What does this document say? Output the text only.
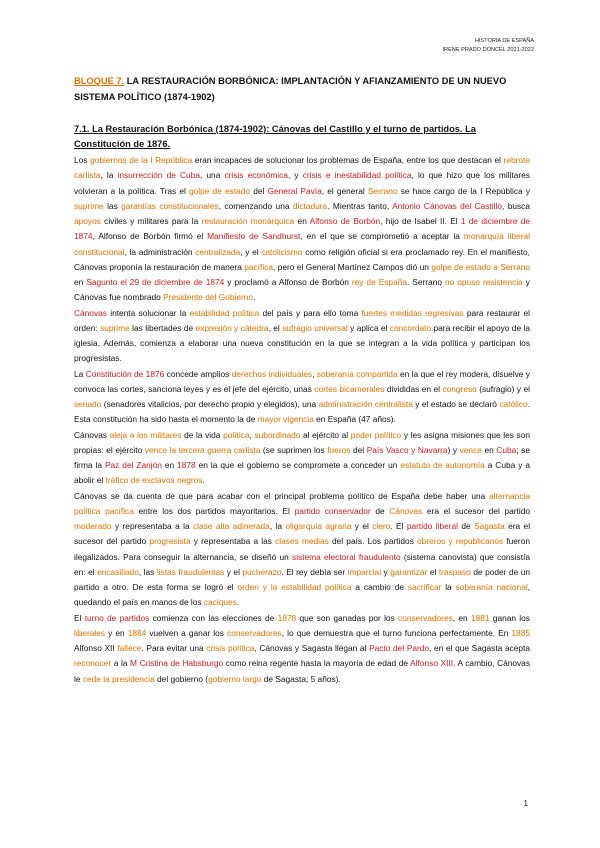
HISTORIA DE ESPAÑA
IRENE PRADO DONCEL 2021-2022
BLOQUE 7. LA RESTAURACIÓN BORBÓNICA: IMPLANTACIÓN Y AFIANZAMIENTO DE UN NUEVO SISTEMA POLÍTICO (1874-1902)
7.1. La Restauración Borbónica (1874-1902): Cánovas del Castillo y el turno de partidos. La Constitución de 1876.

Los gobiernos de la I República eran incapaces de solucionar los problemas de España, entre los que destacan el rebrote carlista, la insurrección de Cuba, una crisis económica, y crisis e inestabilidad política, lo que hizo que los militares volvieran a la política. Tras el golpe de estado del General Pavía, el general Serrano se hace cargo de la I República y suprime las garantías constitucionales, comenzando una dictadura. Mientras tanto, Antonio Cánovas del Castillo, busca apoyos civiles y militares para la restauración monárquica en Alfonso de Borbón, hijo de Isabel II. El 1 de diciembre de 1874, Alfonso de Borbón firmó el Manifiesto de Sandhurst, en el que se comprometió a aceptar la monarquía liberal constitucional, la administración centralizada, y el catolicismo como religión oficial si era proclamado rey. En el manifiesto, Cánovas proponía la restauración de manera pacífica, pero el General Martínez Campos dió un golpe de estado a Serrano en Sagunto el 29 de diciembre de 1874 y proclamó a Alfonso de Borbón rey de España. Serrano no opuso resistencia y Cánovas fue nombrado Presidente del Gobierno.

Cánovas intenta solucionar la estabilidad política del país y para ello toma fuertes medidas regresivas para restaurar el orden: suprime las libertades de expresión y cátedra, el sufragio universal y aplica el concordato para recibir el apoyo de la iglesia. Además, comienza a elaborar una nueva constitución en la que se integran a la vida política y participan los progresistas.

La Constitución de 1876 concede amplios derechos individuales, soberanía compartida en la que el rey modera, disuelve y convoca las cortes, sanciona leyes y es el jefe del ejército, unas cortes bicamerales divididas en el congreso (sufragio) y el senado (senadores vitalicios, por derecho propio y elegidos), una administración centralista y el estado se declaró católico. Esta constitución ha sido hasta el momento la de mayor vigencia en España (47 años).

Cánovas aleja a los militares de la vida política, subordinado al ejército al poder político y les asigna misiones que les son propias: el ejército vence la tercera guerra carlista (se suprimen los fueros del País Vasco y Navarra) y vence en Cuba; se firma la Paz del Zanjón en 1878 en la que el gobierno se compromete a conceder un estatuto de autonomía a Cuba y a abolir el tráfico de esclavos negros.

Cánovas se da cuenta de que para acabar con el principal problema político de España debe haber una alternancia política pacífica entre los dos partidos mayoritarios. El partido conservador de Cánovas era el sucesor del partido moderado y representaba a la clase alta adinerada, la oligarquía agraria y el clero. El partido liberal de Sagasta era el sucesor del partido progresista y representaba a las clases medias del país. Los partidos obreros y republicanos fueron ilegalizados. Para conseguir la alternancia, se diseñó un sistema electoral fraudulento (sistema canovista) que consistía en: el encasillado, las listas fraudulentas y el pucherazo. El rey debía ser imparcial y garantizar el traspaso de poder de un partido a otro. De esta forma se logró el orden y la estabilidad política a cambio de sacrificar la soberanía nacional, quedando el país en manos de los caciques.

El turno de partidos comienza con las elecciones de 1878 que son ganadas por los conservadores, en 1881 ganan los liberales y en 1884 vuelven a ganar los conservadores, lo que demuestra que el turno funciona perfectamente. En 1885 Alfonso XII fallece. Para evitar una crisis política, Cánovas y Sagasta llegan al Pacto del Pardo, en el que Sagasta acepta reconocer a la M Cristina de Habsburgo como reina regente hasta la mayoría de edad de Alfonso XIII. A cambio, Cánovas le cede la presidencia del gobierno (gobierno largo de Sagasta; 5 años).

1
